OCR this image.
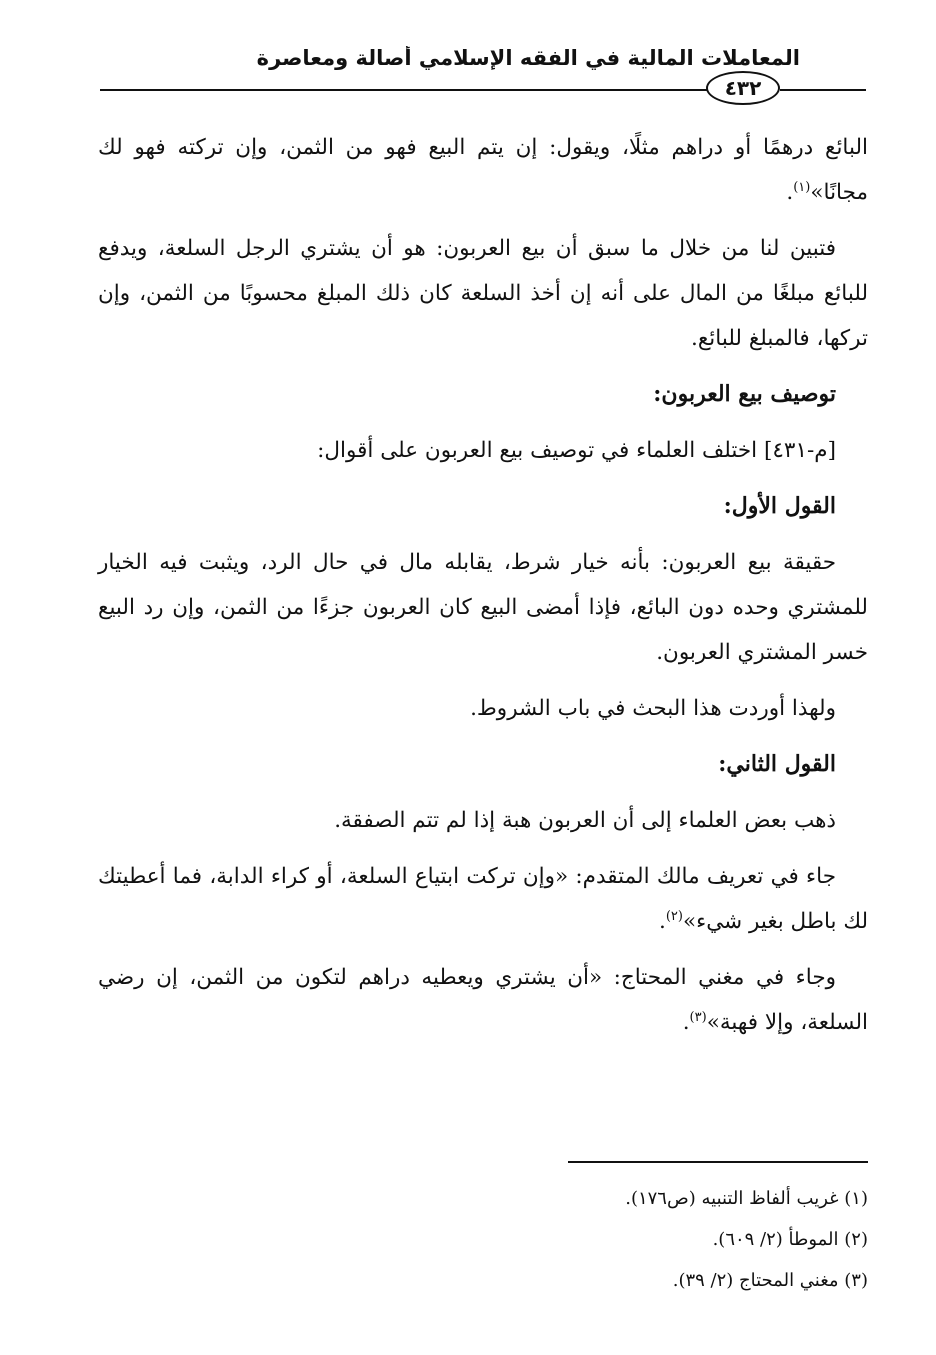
المعاملات المالية في الفقه الإسلامي أصالة ومعاصرة
٤٣٢

البائع درهمًا أو دراهم مثلًا، ويقول: إن يتم البيع فهو من الثمن، وإن تركته فهو لك مجانًا»$^{(١)}$.

فتبين لنا من خلال ما سبق أن بيع العربون: هو أن يشتري الرجل السلعة، ويدفع للبائع مبلغًا من المال على أنه إن أخذ السلعة كان ذلك المبلغ محسوبًا من الثمن، وإن تركها، فالمبلغ للبائع.

توصيف بيع العربون:

[م-٤٣١] اختلف العلماء في توصيف بيع العربون على أقوال:

القول الأول:

حقيقة بيع العربون: بأنه خيار شرط، يقابله مال في حال الرد، ويثبت فيه الخيار للمشتري وحده دون البائع، فإذا أمضى البيع كان العربون جزءًا من الثمن، وإن رد البيع خسر المشتري العربون.

ولهذا أوردت هذا البحث في باب الشروط.

القول الثاني:

ذهب بعض العلماء إلى أن العربون هبة إذا لم تتم الصفقة.

جاء في تعريف مالك المتقدم: «وإن تركت ابتياع السلعة، أو كراء الدابة، فما أعطيتك لك باطل بغير شيء»$^{(٢)}$.

وجاء في مغني المحتاج: «أن يشتري ويعطيه دراهم لتكون من الثمن، إن رضي السلعة، وإلا فهبة»$^{(٣)}$.

(١) غريب ألفاظ التنبيه (ص١٧٦).
(٢) الموطأ (٢/ ٦٠٩).
(٣) مغني المحتاج (٢/ ٣٩).
